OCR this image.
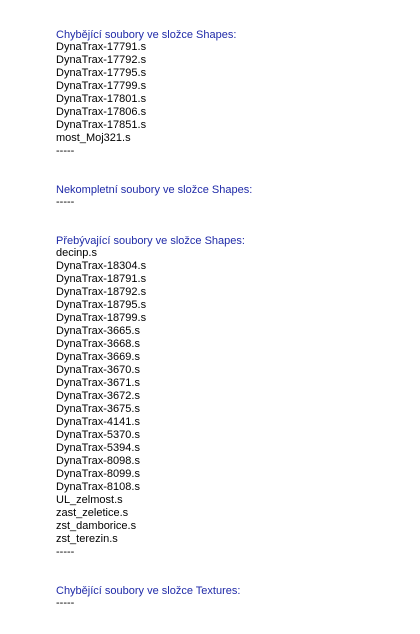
Chybějící soubory ve složce Shapes:
DynaTrax-17791.s
DynaTrax-17792.s
DynaTrax-17795.s
DynaTrax-17799.s
DynaTrax-17801.s
DynaTrax-17806.s
DynaTrax-17851.s
most_Moj321.s
-----
Nekompletní soubory ve složce Shapes:
-----
Přebývající soubory ve složce Shapes:
decinp.s
DynaTrax-18304.s
DynaTrax-18791.s
DynaTrax-18792.s
DynaTrax-18795.s
DynaTrax-18799.s
DynaTrax-3665.s
DynaTrax-3668.s
DynaTrax-3669.s
DynaTrax-3670.s
DynaTrax-3671.s
DynaTrax-3672.s
DynaTrax-3675.s
DynaTrax-4141.s
DynaTrax-5370.s
DynaTrax-5394.s
DynaTrax-8098.s
DynaTrax-8099.s
DynaTrax-8108.s
UL_zelmost.s
zast_zeletice.s
zst_damborice.s
zst_terezin.s
-----
Chybějící soubory ve složce Textures:
-----
